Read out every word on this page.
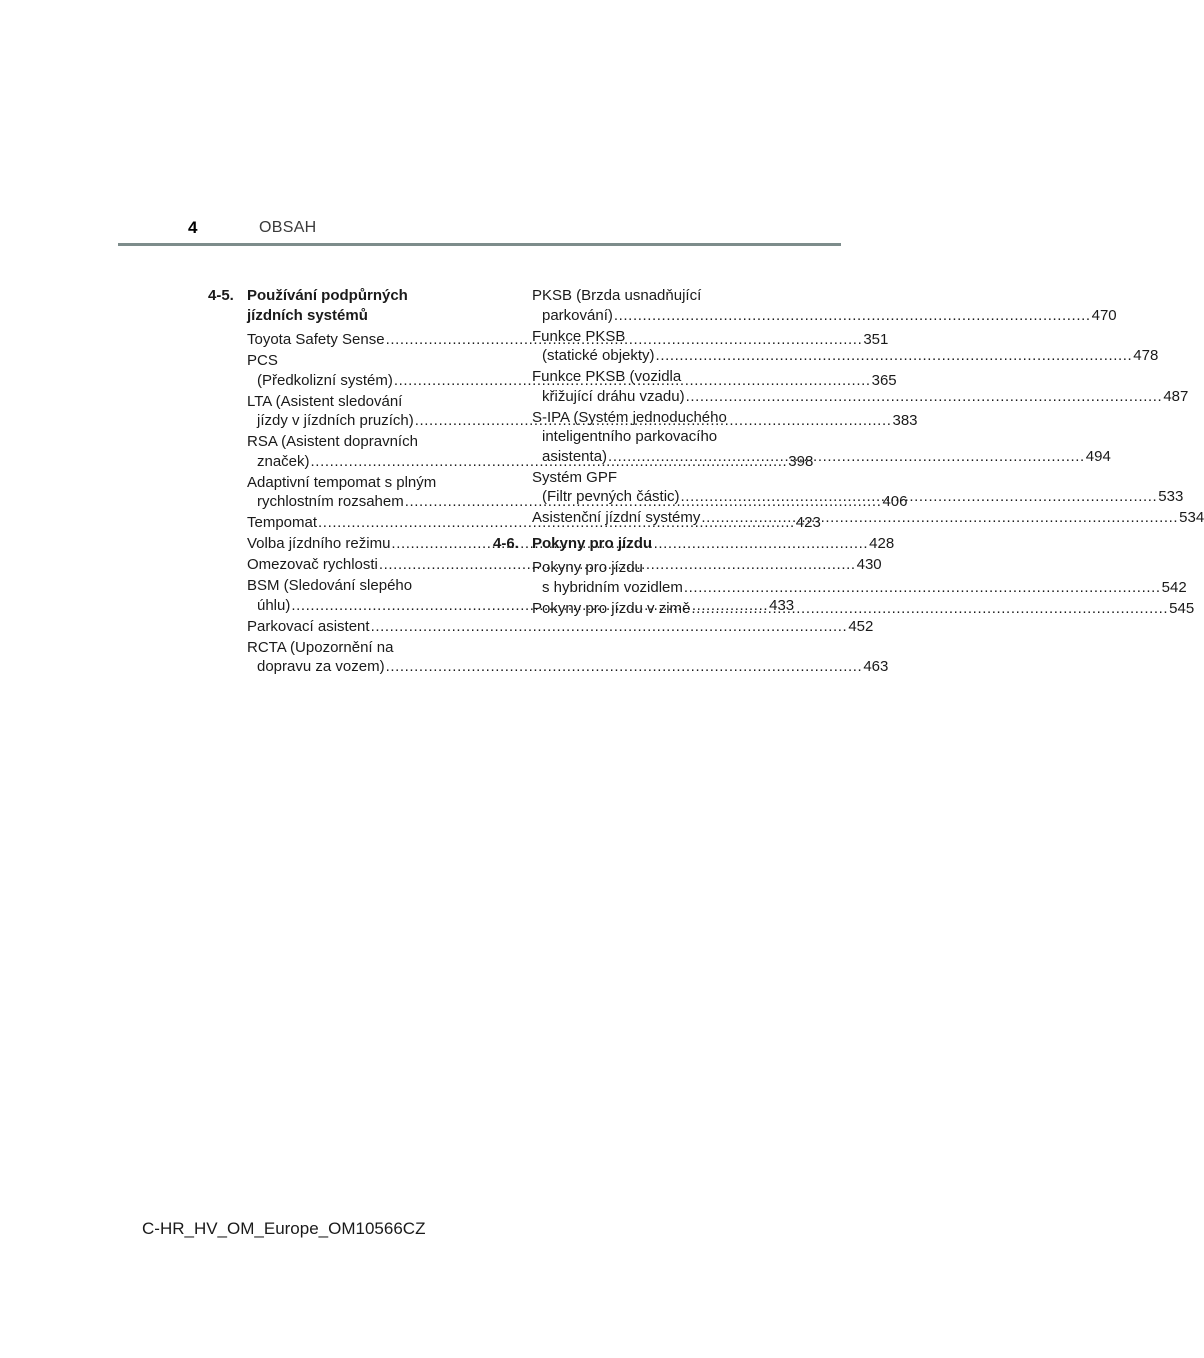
4	OBSAH
4-5. Používání podpůrných
jízdních systémů
Toyota Safety Sense .....	351
PCS
(Předkolizní systém) .....	365
LTA (Asistent sledování
jízdy v jízdních pruzích) .....	383
RSA (Asistent dopravních
značek) .....	398
Adaptivní tempomat s plným
rychlostním rozsahem .....	406
Tempomat .....	423
Volba jízdního režimu .....	428
Omezovač rychlosti .....	430
BSM (Sledování slepého
úhlu) .....	433
Parkovací asistent .....	452
RCTA (Upozornění na
dopravu za vozem) .....	463
PKSB (Brzda usnadňující
parkování) .....	470
Funkce PKSB
(statické objekty) .....	478
Funkce PKSB (vozidla
křižující dráhu vzadu) .....	487
S-IPA (Systém jednoduchého
inteligentního parkovacího
asistenta) .....	494
Systém GPF
(Filtr pevných částic) .....	533
Asistenční jízdní systémy .....	534
4-6. Pokyny pro jízdu
Pokyny pro jízdu
s hybridním vozidlem .....	542
Pokyny pro jízdu v zimě .....	545
C-HR_HV_OM_Europe_OM10566CZ
